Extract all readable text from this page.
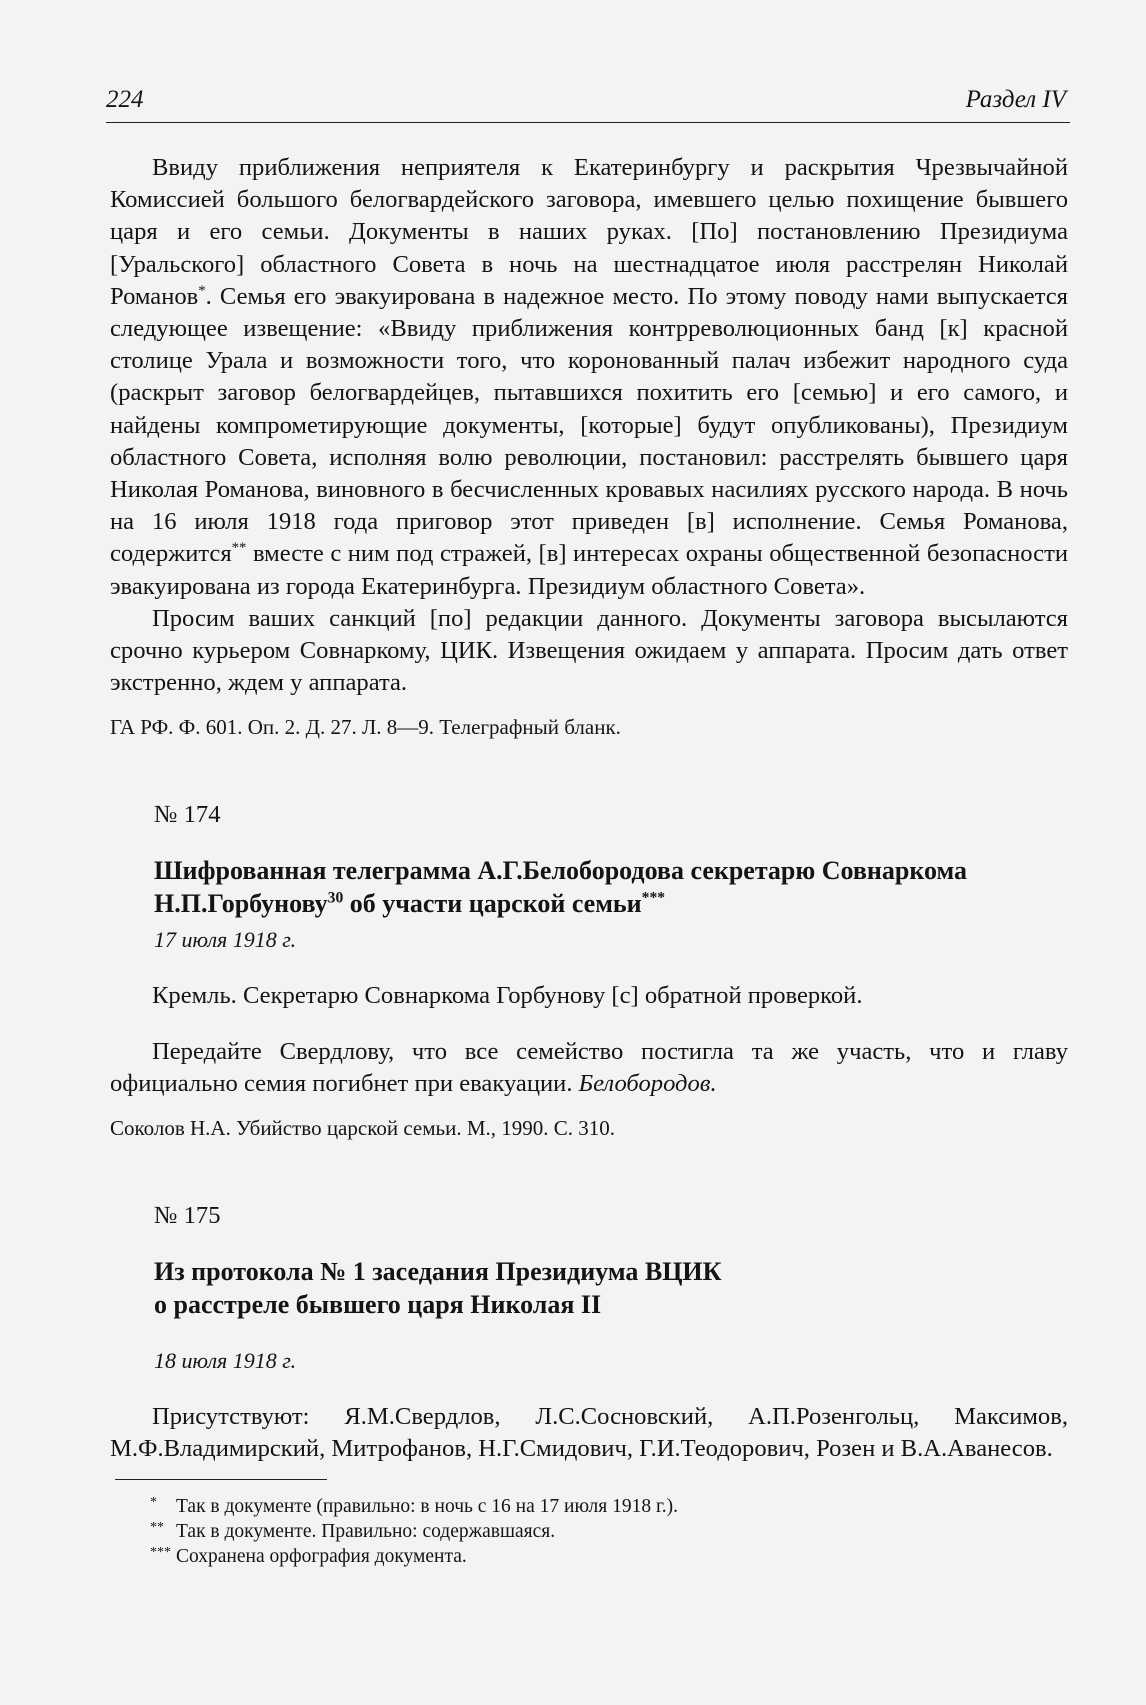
224	Раздел IV

Ввиду приближения неприятеля к Екатеринбургу и раскрытия Чрезвычайной Комиссией большого белогвардейского заговора, имевшего целью похищение бывшего царя и его семьи. Документы в наших руках. [По] постановлению Президиума [Уральского] областного Совета в ночь на шестнадцатое июля расстрелян Николай Романов*. Семья его эвакуирована в надежное место. По этому поводу нами выпускается следующее извещение: «Ввиду приближения контрреволюционных банд [к] красной столице Урала и возможности того, что коронованный палач избежит народного суда (раскрыт заговор белогвардейцев, пытавшихся похитить его [семью] и его самого, и найдены компрометирующие документы, [которые] будут опубликованы), Президиум областного Совета, исполняя волю революции, постановил: расстрелять бывшего царя Николая Романова, виновного в бесчисленных кровавых насилиях русского народа. В ночь на 16 июля 1918 года приговор этот приведен [в] исполнение. Семья Романова, содержится** вместе с ним под стражей, [в] интересах охраны общественной безопасности эвакуирована из города Екатеринбурга. Президиум областного Совета».

Просим ваших санкций [по] редакции данного. Документы заговора высылаются срочно курьером Совнаркому, ЦИК. Извещения ожидаем у аппарата. Просим дать ответ экстренно, ждем у аппарата.

ГА РФ. Ф. 601. Оп. 2. Д. 27. Л. 8—9. Телеграфный бланк.

№ 174
Шифрованная телеграмма А.Г.Белобородова секретарю Совнаркома Н.П.Горбунову$^{30}$ об участи царской семьи***
17 июля 1918 г.

Кремль. Секретарю Совнаркома Горбунову [с] обратной проверкой.

Передайте Свердлову, что все семейство постигла та же участь, что и главу официально семия погибнет при евакуации. Белобородов.

Соколов Н.А. Убийство царской семьи. М., 1990. С. 310.

№ 175
Из протокола № 1 заседания Президиума ВЦИК
о расстреле бывшего царя Николая II
18 июля 1918 г.

Присутствуют: Я.М.Свердлов, Л.С.Сосновский, А.П.Розенгольц, Максимов, М.Ф.Владимирский, Митрофанов, Н.Г.Смидович, Г.И.Теодорович, Розен и В.А.Аванесов.

* Так в документе (правильно: в ночь с 16 на 17 июля 1918 г.).
** Так в документе. Правильно: содержавшаяся.
*** Сохранена орфография документа.
